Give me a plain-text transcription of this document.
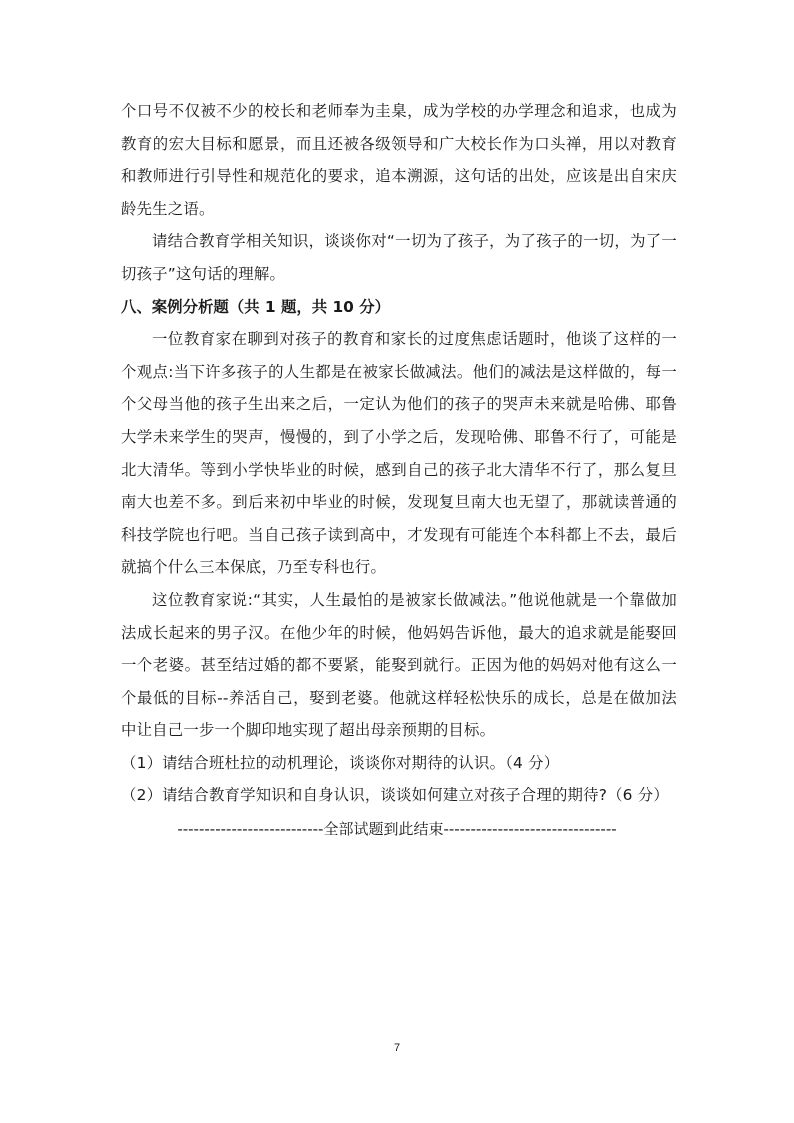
个口号不仅被不少的校长和老师奉为圭臬，成为学校的办学理念和追求，也成为教育的宏大目标和愿景，而且还被各级领导和广大校长作为口头禅，用以对教育和教师进行引导性和规范化的要求，追本溯源，这句话的出处，应该是出自宋庆龄先生之语。

请结合教育学相关知识，谈谈你对“一切为了孩子，为了孩子的一切，为了一切孩子”这句话的理解。

八、案例分析题（共 1 题，共 10 分）

一位教育家在聊到对孩子的教育和家长的过度焦虑话题时，他谈了这样的一个观点:当下许多孩子的人生都是在被家长做减法。他们的减法是这样做的，每一个父母当他的孩子生出来之后，一定认为他们的孩子的哭声未来就是哈佛、耶鲁大学未来学生的哭声，慢慢的，到了小学之后，发现哈佛、耶鲁不行了，可能是北大清华。等到小学快毕业的时候，感到自己的孩子北大清华不行了，那么复旦南大也差不多。到后来初中毕业的时候，发现复旦南大也无望了，那就读普通的科技学院也行吧。当自己孩子读到高中，才发现有可能连个本科都上不去，最后就搞个什么三本保底，乃至专科也行。

这位教育家说:“其实，人生最怕的是被家长做减法。”他说他就是一个靠做加法成长起来的男子汉。在他少年的时候，他妈妈告诉他，最大的追求就是能娶回一个老婆。甚至结过婚的都不要紧，能娶到就行。正因为他的妈妈对他有这么一个最低的目标--养活自己，娶到老婆。他就这样轻松快乐的成长，总是在做加法中让自己一步一个脚印地实现了超出母亲预期的目标。

（1）请结合班杜拉的动机理论，谈谈你对期待的认识。（4 分）

（2）请结合教育学知识和自身认识，谈谈如何建立对孩子合理的期待?（6 分）

---------------------------全部试题到此结束--------------------------------
7
